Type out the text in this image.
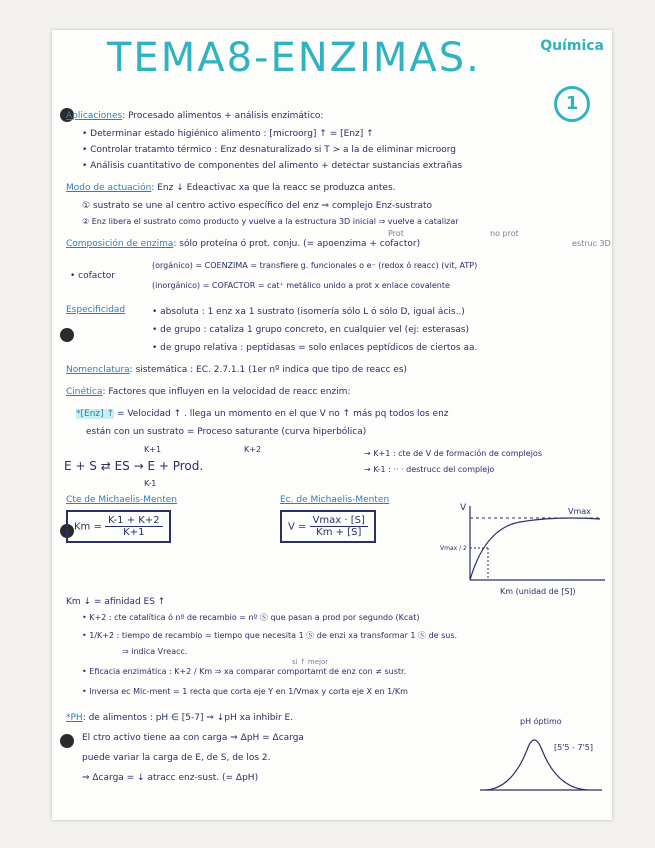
TEMA8-ENZIMAS.	Química
1
Aplicaciones: Procesado alimentos + análisis enzimático:
• Determinar estado higiénico alimento : [microorg] ↑ = [Enz] ↑
• Controlar tratamto térmico : Enz desnaturalizado si T > a la de eliminar microorg
• Análisis cuantitativo de componentes del alimento + detectar sustancias extrañas
Modo de actuación: Enz ↓ Edeactivac xa que la reacc se produzca antes.
① sustrato se une al centro activo específico del enz ⇒ complejo Enz-sustrato
② Enz libera el sustrato como producto y vuelve a la estructura 3D inicial ⇒ vuelve a catalizar
Composición de enzima: sólo proteína ó prot. conju. (= apoenzima + cofactor)
Prot	no prot
estruc 3D
• cofactor
(orgánico) = COENZIMA = transfiere g. funcionales o e⁻ (redox ó reacc) (vit, ATP)
(inorgánico) = COFACTOR = cat⁺ metálico unido a prot x enlace covalente
Especificidad	• absoluta : 1 enz xa 1 sustrato (isomería sólo L ó sólo D, igual ácis..)
• de grupo : cataliza 1 grupo concreto, en cualquier vel (ej: esterasas)
• de grupo relativa : peptidasas = solo enlaces peptídicos de ciertos aa.
Nomenclatura: sistemática : EC. 2.7.1.1 (1er nº indica que tipo de reacc es)
Cinética: Factores que influyen en la velocidad de reacc enzim:
*[Enz] ↑ = Velocidad ↑ . llega un momento en el que V no ↑ más pq todos los enz
están con un sustrato = Proceso saturante (curva hiperbólica)
E + S ⇄ ES → E + Prod.
K+1
K-1
K+2	→ K+1 : cte de V de formación de complejos
→ K-1 : ·· · destrucc del complejo
Cte de Michaelis-Menten
$Km = \frac{K-1 + K+2}{K+1}$
Ec. de Michaelis-Menten
$V = \frac{Vmax \cdot [S]}{Km + [S]}$
V	Vmax
Vmax / 2
Km (unidad de [S])
Km ↓ = afinidad ES ↑
• K+2 : cte catalítica ó nº de recambio = nº Ⓢ que pasan a prod por segundo (Kcat)
• 1/K+2 : tiempo de recambio = tiempo que necesita 1 Ⓢ de enzi xa transformar 1 Ⓢ de sus.
⇒ indica Vreacc.
• Eficacia enzimática : K+2 / Km ⇒ xa comparar comportamt de enz con ≠ sustr.
si ↑ mejor
• Inversa ec Mic-ment = 1 recta que corta eje Y en 1/Vmax y corta eje X en 1/Km
*PH: de alimentos : pH ∈ [5-7] ⇒ ↓pH xa inhibir E.
El ctro activo tiene aa con carga ⇒ ΔpH = Δcarga
puede variar la carga de E, de S, de los 2.
⇒ Δcarga = ↓ atracc enz-sust. (= ΔpH)
pH óptimo
[5'5 - 7'5]
